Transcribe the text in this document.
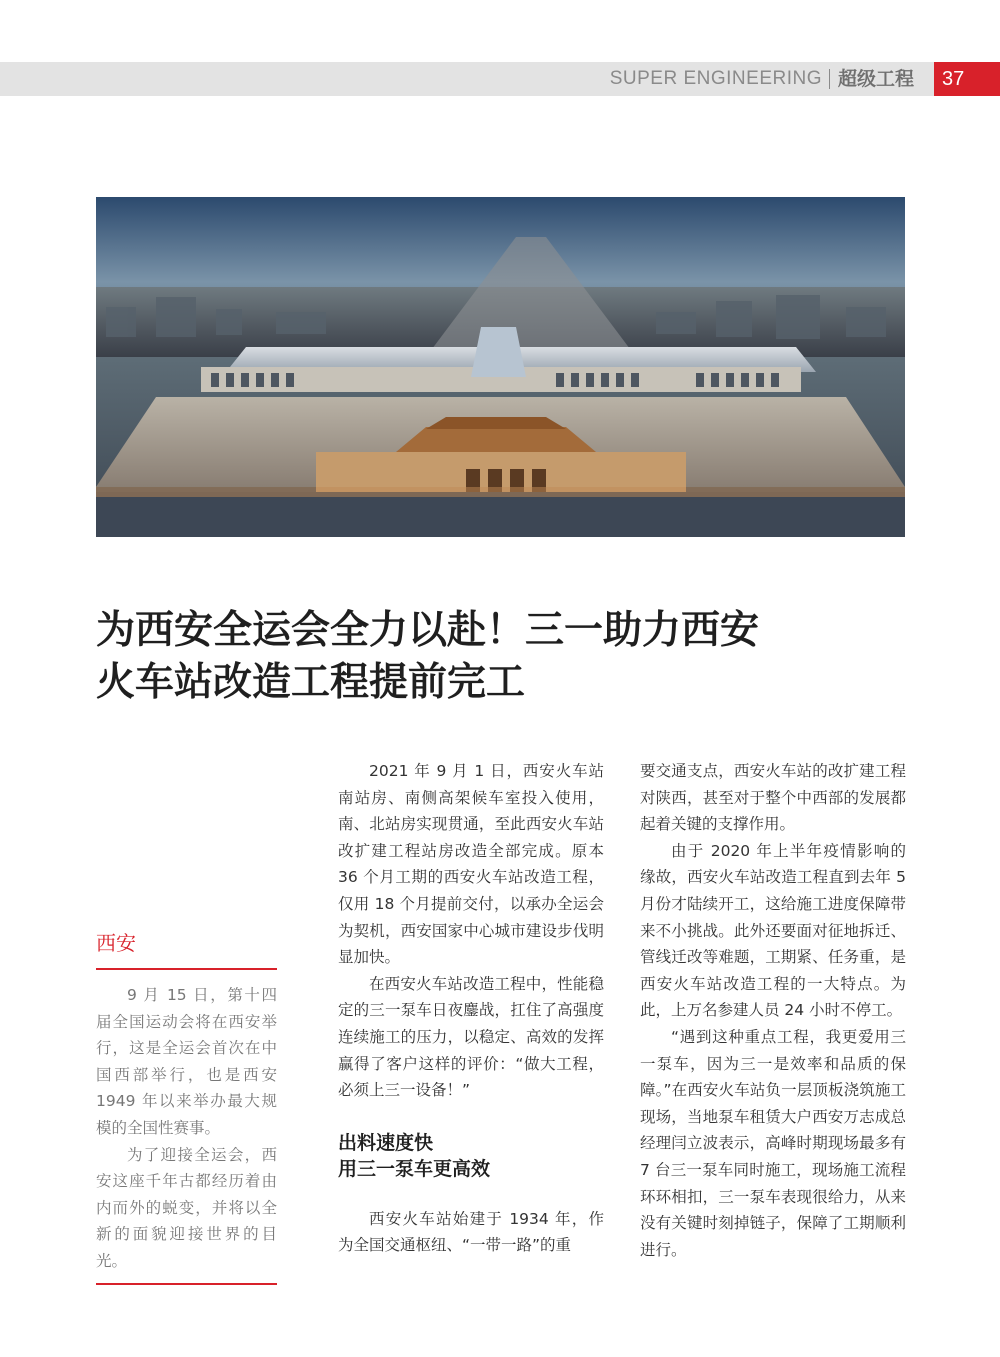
SUPER ENGINEERING 超级工程	37
为西安全运会全力以赴！三一助力西安
火车站改造工程提前完工
西安

9 月 15 日，第十四届全国运动会将在西安举行，这是全运会首次在中国西部举行，也是西安 1949 年以来举办最大规模的全国性赛事。

为了迎接全运会，西安这座千年古都经历着由内而外的蜕变，并将以全新的面貌迎接世界的目光。

2021 年 9 月 1 日，西安火车站南站房、南侧高架候车室投入使用，南、北站房实现贯通，至此西安火车站改扩建工程站房改造全部完成。原本 36 个月工期的西安火车站改造工程，仅用 18 个月提前交付，以承办全运会为契机，西安国家中心城市建设步伐明显加快。

在西安火车站改造工程中，性能稳定的三一泵车日夜鏖战，扛住了高强度连续施工的压力，以稳定、高效的发挥赢得了客户这样的评价：“做大工程，必须上三一设备！”

出料速度快
用三一泵车更高效

西安火车站始建于 1934 年，作为全国交通枢纽、“一带一路”的重

要交通支点，西安火车站的改扩建工程对陕西，甚至对于整个中西部的发展都起着关键的支撑作用。

由于 2020 年上半年疫情影响的缘故，西安火车站改造工程直到去年 5 月份才陆续开工，这给施工进度保障带来不小挑战。此外还要面对征地拆迁、管线迁改等难题，工期紧、任务重，是西安火车站改造工程的一大特点。为此，上万名参建人员 24 小时不停工。

“遇到这种重点工程，我更爱用三一泵车，因为三一是效率和品质的保障。”在西安火车站负一层顶板浇筑施工现场，当地泵车租赁大户西安万志成总经理闫立波表示，高峰时期现场最多有 7 台三一泵车同时施工，现场施工流程环环相扣，三一泵车表现很给力，从来没有关键时刻掉链子，保障了工期顺利进行。
